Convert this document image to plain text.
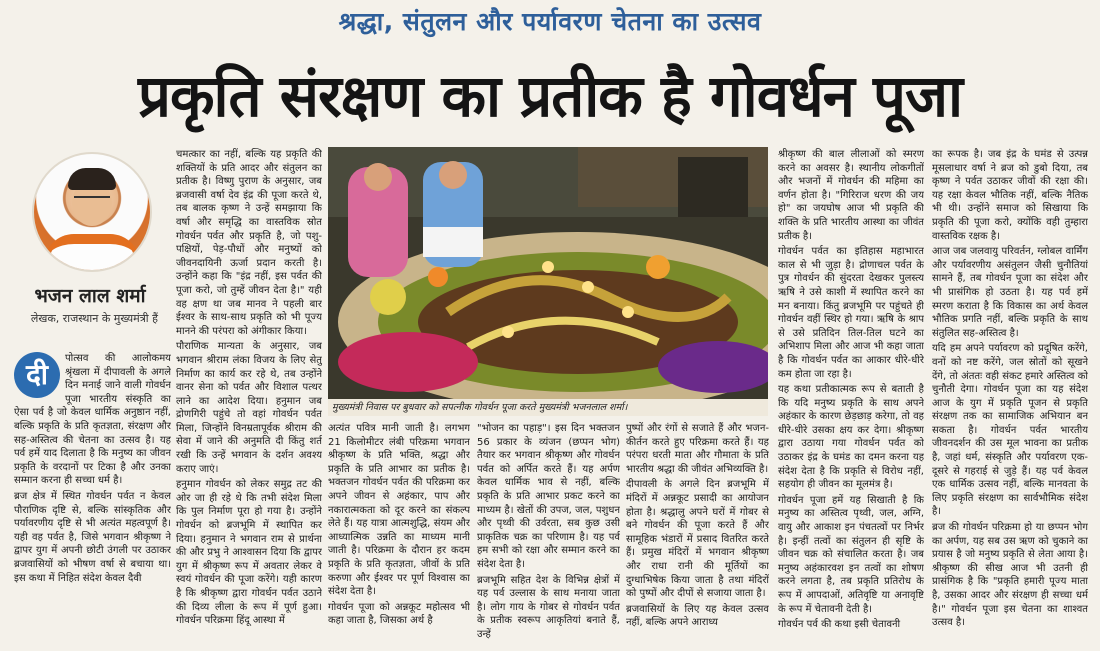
श्रद्धा, संतुलन और पर्यावरण चेतना का उत्सव
प्रकृति संरक्षण का प्रतीक है गोवर्धन पूजा
भजन लाल शर्मा
लेखक, राजस्थान के मुख्यमंत्री हैं
दी	पोत्सव की आलोकमय श्रृंखला में दीपावली के अगले दिन मनाई जाने वाली गोवर्धन पूजा भारतीय संस्कृति का ऐसा पर्व है जो केवल धार्मिक अनुष्ठान नहीं, बल्कि प्रकृति के प्रति कृतज्ञता, संरक्षण और सह-अस्तित्व की चेतना का उत्सव है। यह पर्व हमें याद दिलाता है कि मनुष्य का जीवन प्रकृति के वरदानों पर टिका है और उनका सम्मान करना ही सच्चा धर्म है।

ब्रज क्षेत्र में स्थित गोवर्धन पर्वत न केवल पौराणिक दृष्टि से, बल्कि सांस्कृतिक और पर्यावरणीय दृष्टि से भी अत्यंत महत्वपूर्ण है। यही वह पर्वत है, जिसे भगवान श्रीकृष्ण ने द्वापर युग में अपनी छोटी उंगली पर उठाकर ब्रजवासियों को भीषण वर्षा से बचाया था। इस कथा में निहित संदेश केवल दैवी

चमत्कार का नहीं, बल्कि यह प्रकृति की शक्तियों के प्रति आदर और संतुलन का प्रतीक है। विष्णु पुराण के अनुसार, जब ब्रजवासी वर्षा देव इंद्र की पूजा करते थे, तब बालक कृष्ण ने उन्हें समझाया कि वर्षा और समृद्धि का वास्तविक स्रोत गोवर्धन पर्वत और प्रकृति है, जो पशु-पक्षियों, पेड़-पौधों और मनुष्यों को जीवनदायिनी ऊर्जा प्रदान करती है। उन्होंने कहा कि "इंद्र नहीं, इस पर्वत की पूजा करो, जो तुम्हें जीवन देता है।" यही वह क्षण था जब मानव ने पहली बार ईश्वर के साथ-साथ प्रकृति को भी पूज्य मानने की परंपरा को अंगीकार किया।

पौराणिक मान्यता के अनुसार, जब भगवान श्रीराम लंका विजय के लिए सेतु निर्माण का कार्य कर रहे थे, तब उन्होंने वानर सेना को पर्वत और विशाल पत्थर लाने का आदेश दिया। हनुमान जब द्रोणगिरी पहुंचे तो वहां गोवर्धन पर्वत मिला, जिन्होंने विनम्रतापूर्वक श्रीराम की सेवा में जाने की अनुमति दी किंतु शर्त रखी कि उन्हें भगवान के दर्शन अवश्य कराए जाएं।

हनुमान गोवर्धन को लेकर समुद्र तट की ओर जा ही रहे थे कि तभी संदेश मिला कि पुल निर्माण पूरा हो गया है। उन्होंने गोवर्धन को ब्रजभूमि में स्थापित कर दिया। हनुमान ने भगवान राम से प्रार्थना की और प्रभु ने आश्वासन दिया कि द्वापर युग में श्रीकृष्ण रूप में अवतार लेकर वे स्वयं गोवर्धन की पूजा करेंगे। यही कारण है कि श्रीकृष्ण द्वारा गोवर्धन पर्वत उठाने की दिव्य लीला के रूप में पूर्ण हुआ। गोवर्धन परिक्रमा हिंदू आस्था में

मुख्यमंत्री निवास पर बुधवार को सपत्नीक गोवर्धन पूजा करते मुख्यमंत्री भजनलाल शर्मा।

अत्यंत पवित्र मानी जाती है। लगभग 21 किलोमीटर लंबी परिक्रमा भगवान श्रीकृष्ण के प्रति भक्ति, श्रद्धा और प्रकृति के प्रति आभार का प्रतीक है। भक्तजन गोवर्धन पर्वत की परिक्रमा कर अपने जीवन से अहंकार, पाप और नकारात्मकता को दूर करने का संकल्प लेते हैं। यह यात्रा आत्मशुद्धि, संयम और आध्यात्मिक उन्नति का माध्यम मानी जाती है। परिक्रमा के दौरान हर कदम प्रकृति के प्रति कृतज्ञता, जीवों के प्रति करुणा और ईश्वर पर पूर्ण विश्वास का संदेश देता है।

गोवर्धन पूजा को अन्नकूट महोत्सव भी कहा जाता है, जिसका अर्थ है

"भोजन का पहाड़"। इस दिन भक्तजन 56 प्रकार के व्यंजन (छप्पन भोग) तैयार कर भगवान श्रीकृष्ण और गोवर्धन पर्वत को अर्पित करते हैं। यह अर्पण केवल धार्मिक भाव से नहीं, बल्कि प्रकृति के प्रति आभार प्रकट करने का माध्यम है। खेतों की उपज, जल, पशुधन और पृथ्वी की उर्वरता, सब कुछ उसी प्राकृतिक चक्र का परिणाम है। यह पर्व हम सभी को रक्षा और सम्मान करने का संदेश देता है।

ब्रजभूमि सहित देश के विभिन्न क्षेत्रों में यह पर्व उल्लास के साथ मनाया जाता है। लोग गाय के गोबर से गोवर्धन पर्वत के प्रतीक स्वरूप आकृतियां बनाते हैं, उन्हें

पुष्पों और रंगों से सजाते हैं और भजन-कीर्तन करते हुए परिक्रमा करते हैं। यह परंपरा धरती माता और गौमाता के प्रति भारतीय श्रद्धा की जीवंत अभिव्यक्ति है।

दीपावली के अगले दिन ब्रजभूमि में मंदिरों में अन्नकूट प्रसादी का आयोजन होता है। श्रद्धालु अपने घरों में गोबर से बने गोवर्धन की पूजा करते हैं और सामूहिक भंडारों में प्रसाद वितरित करते हैं। प्रमुख मंदिरों में भगवान श्रीकृष्ण और राधा रानी की मूर्तियों का दुग्धाभिषेक किया जाता है तथा मंदिरों को पुष्पों और दीपों से सजाया जाता है।

ब्रजवासियों के लिए यह केवल उत्सव नहीं, बल्कि अपने आराध्य

श्रीकृष्ण की बाल लीलाओं को स्मरण करने का अवसर है। स्थानीय लोकगीतों और भजनों में गोवर्धन की महिमा का वर्णन होता है। "गिरिराज धरण की जय हो" का जयघोष आज भी प्रकृति की शक्ति के प्रति भारतीय आस्था का जीवंत प्रतीक है।

गोवर्धन पर्वत का इतिहास महाभारत काल से भी जुड़ा है। द्रोणाचल पर्वत के पुत्र गोवर्धन की सुंदरता देखकर पुलस्त्य ऋषि ने उसे काशी में स्थापित करने का मन बनाया। किंतु ब्रजभूमि पर पहुंचते ही गोवर्धन वहीं स्थिर हो गया। ऋषि के श्राप से उसे प्रतिदिन तिल-तिल घटने का अभिशाप मिला और आज भी कहा जाता है कि गोवर्धन पर्वत का आकार धीरे-धीरे कम होता जा रहा है।

यह कथा प्रतीकात्मक रूप से बताती है कि यदि मनुष्य प्रकृति के साथ अपने अहंकार के कारण छेड़छाड़ करेगा, तो वह धीरे-धीरे उसका क्षय कर देगा। श्रीकृष्ण द्वारा उठाया गया गोवर्धन पर्वत को उठाकर इंद्र के घमंड का दमन करना यह संदेश देता है कि प्रकृति से विरोध नहीं, सहयोग ही जीवन का मूलमंत्र है।

गोवर्धन पूजा हमें यह सिखाती है कि मनुष्य का अस्तित्व पृथ्वी, जल, अग्नि, वायु और आकाश इन पंचतत्वों पर निर्भर है। इन्हीं तत्वों का संतुलन ही सृष्टि के जीवन चक्र को संचालित करता है। जब मनुष्य अहंकारवश इन तत्वों का शोषण करने लगता है, तब प्रकृति प्रतिरोध के रूप में आपदाओं, अतिवृष्टि या अनावृष्टि के रूप में चेतावनी देती है।

गोवर्धन पर्व की कथा इसी चेतावनी

का रूपक है। जब इंद्र के घमंड से उत्पन्न मूसलाधार वर्षा ने ब्रज को डुबो दिया, तब कृष्ण ने पर्वत उठाकर जीवों की रक्षा की। यह रक्षा केवल भौतिक नहीं, बल्कि नैतिक भी थी। उन्होंने समाज को सिखाया कि प्रकृति की पूजा करो, क्योंकि वही तुम्हारा वास्तविक रक्षक है।

आज जब जलवायु परिवर्तन, ग्लोबल वार्मिंग और पर्यावरणीय असंतुलन जैसी चुनौतियां सामने हैं, तब गोवर्धन पूजा का संदेश और भी प्रासंगिक हो उठता है। यह पर्व हमें स्मरण कराता है कि विकास का अर्थ केवल भौतिक प्रगति नहीं, बल्कि प्रकृति के साथ संतुलित सह-अस्तित्व है।

यदि हम अपने पर्यावरण को प्रदूषित करेंगे, वनों को नष्ट करेंगे, जल स्रोतों को सूखने देंगे, तो अंततः वही संकट हमारे अस्तित्व को चुनौती देगा। गोवर्धन पूजा का यह संदेश आज के युग में प्रकृति पूजन से प्रकृति संरक्षण तक का सामाजिक अभियान बन सकता है। गोवर्धन पर्वत भारतीय जीवनदर्शन की उस मूल भावना का प्रतीक है, जहां धर्म, संस्कृति और पर्यावरण एक-दूसरे से गहराई से जुड़े हैं। यह पर्व केवल एक धार्मिक उत्सव नहीं, बल्कि मानवता के लिए प्रकृति संरक्षण का सार्वभौमिक संदेश है।

ब्रज की गोवर्धन परिक्रमा हो या छप्पन भोग का अर्पण, यह सब उस ऋण को चुकाने का प्रयास है जो मनुष्य प्रकृति से लेता आया है। श्रीकृष्ण की सीख आज भी उतनी ही प्रासंगिक है कि "प्रकृति हमारी पूज्य माता है, उसका आदर और संरक्षण ही सच्चा धर्म है।" गोवर्धन पूजा इस चेतना का शाश्वत उत्सव है।
